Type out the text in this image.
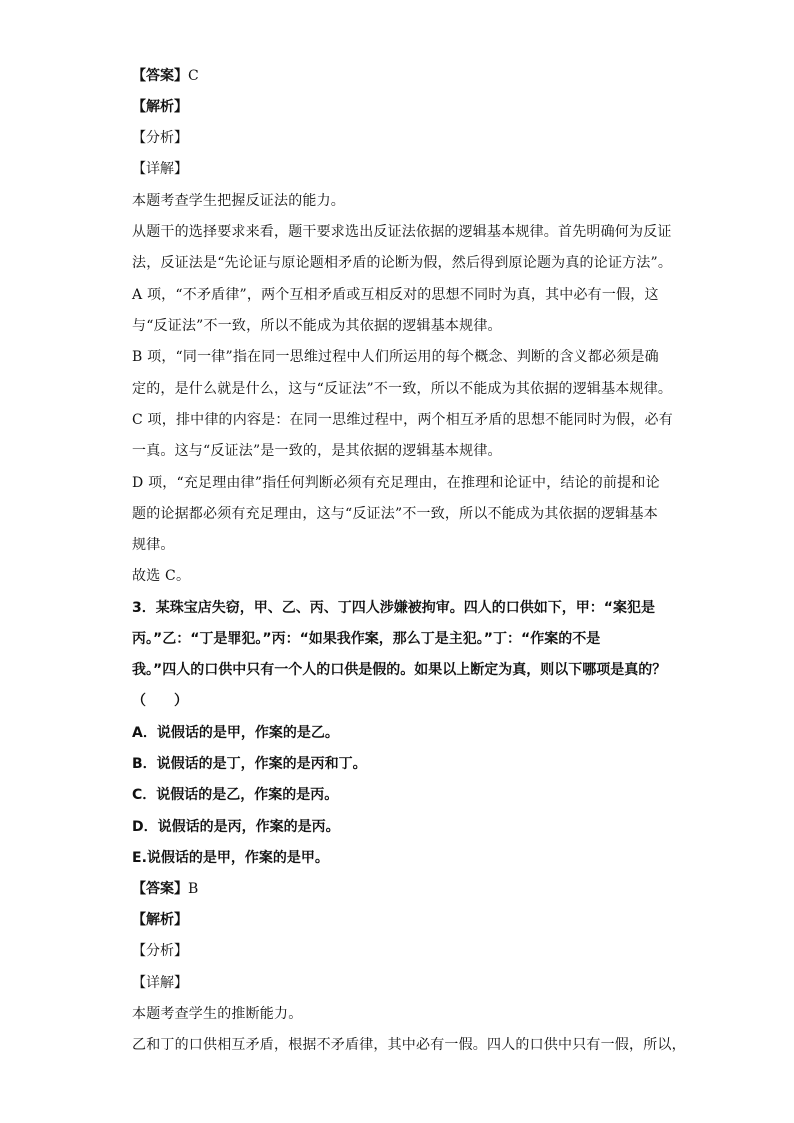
【答案】C
【解析】
【分析】
【详解】
本题考查学生把握反证法的能力。
从题干的选择要求来看，题干要求选出反证法依据的逻辑基本规律。首先明确何为反证
法，反证法是“先论证与原论题相矛盾的论断为假，然后得到原论题为真的论证方法”。
A 项，“不矛盾律”，两个互相矛盾或互相反对的思想不同时为真，其中必有一假，这
与“反证法”不一致，所以不能成为其依据的逻辑基本规律。
B 项，“同一律”指在同一思维过程中人们所运用的每个概念、判断的含义都必须是确
定的，是什么就是什么，这与“反证法”不一致，所以不能成为其依据的逻辑基本规律。
C 项，排中律的内容是：在同一思维过程中，两个相互矛盾的思想不能同时为假，必有
一真。这与“反证法”是一致的，是其依据的逻辑基本规律。
D 项，“充足理由律”指任何判断必须有充足理由，在推理和论证中，结论的前提和论
题的论据都必须有充足理由，这与“反证法”不一致，所以不能成为其依据的逻辑基本
规律。
故选 C。
3．某珠宝店失窃，甲、乙、丙、丁四人涉嫌被拘审。四人的口供如下，甲：“案犯是
丙。”乙：“丁是罪犯。”丙：“如果我作案，那么丁是主犯。”丁：“作案的不是
我。”四人的口供中只有一个人的口供是假的。如果以上断定为真，则以下哪项是真的？
（　　）
A．说假话的是甲，作案的是乙。
B．说假话的是丁，作案的是丙和丁。
C．说假话的是乙，作案的是丙。
D．说假话的是丙，作案的是丙。
E.说假话的是甲，作案的是甲。
【答案】B
【解析】
【分析】
【详解】
本题考查学生的推断能力。
乙和丁的口供相互矛盾，根据不矛盾律，其中必有一假。四人的口供中只有一假，所以，
